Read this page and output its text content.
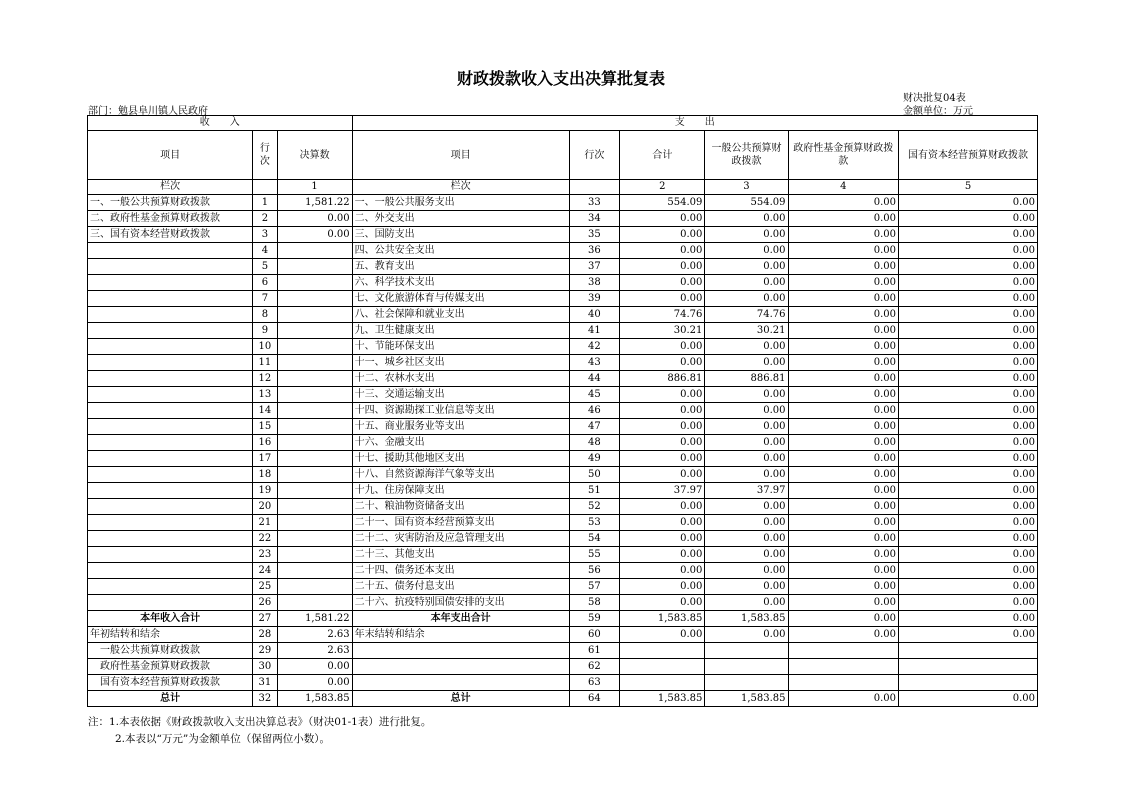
财政拨款收入支出决算批复表
财决批复04表
部门：勉县阜川镇人民政府	金额单位：万元
收　　入			支　　出					
项目	行次	决算数	项目	行次	合计	一般公共预算财政拨款	政府性基金预算财政拨款	国有资本经营预算财政拨款
栏次		1	栏次		2	3	4	5
一、一般公共预算财政拨款	1	1,581.22	一、一般公共服务支出	33	554.09	554.09	0.00	0.00
二、政府性基金预算财政拨款	2	0.00	二、外交支出	34	0.00	0.00	0.00	0.00
三、国有资本经营财政拨款	3	0.00	三、国防支出	35	0.00	0.00	0.00	0.00
	4		四、公共安全支出	36	0.00	0.00	0.00	0.00
	5		五、教育支出	37	0.00	0.00	0.00	0.00
	6		六、科学技术支出	38	0.00	0.00	0.00	0.00
	7		七、文化旅游体育与传媒支出	39	0.00	0.00	0.00	0.00
	8		八、社会保障和就业支出	40	74.76	74.76	0.00	0.00
	9		九、卫生健康支出	41	30.21	30.21	0.00	0.00
	10		十、节能环保支出	42	0.00	0.00	0.00	0.00
	11		十一、城乡社区支出	43	0.00	0.00	0.00	0.00
	12		十二、农林水支出	44	886.81	886.81	0.00	0.00
	13		十三、交通运输支出	45	0.00	0.00	0.00	0.00
	14		十四、资源勘探工业信息等支出	46	0.00	0.00	0.00	0.00
	15		十五、商业服务业等支出	47	0.00	0.00	0.00	0.00
	16		十六、金融支出	48	0.00	0.00	0.00	0.00
	17		十七、援助其他地区支出	49	0.00	0.00	0.00	0.00
	18		十八、自然资源海洋气象等支出	50	0.00	0.00	0.00	0.00
	19		十九、住房保障支出	51	37.97	37.97	0.00	0.00
	20		二十、粮油物资储备支出	52	0.00	0.00	0.00	0.00
	21		二十一、国有资本经营预算支出	53	0.00	0.00	0.00	0.00
	22		二十二、灾害防治及应急管理支出	54	0.00	0.00	0.00	0.00
	23		二十三、其他支出	55	0.00	0.00	0.00	0.00
	24		二十四、债务还本支出	56	0.00	0.00	0.00	0.00
	25		二十五、债务付息支出	57	0.00	0.00	0.00	0.00
	26		二十六、抗疫特别国债安排的支出	58	0.00	0.00	0.00	0.00
本年收入合计	27	1,581.22	本年支出合计	59	1,583.85	1,583.85	0.00	0.00
年初结转和结余	28	2.63	年末结转和结余	60	0.00	0.00	0.00	0.00
一般公共预算财政拨款	29	2.63		61				
政府性基金预算财政拨款	30	0.00		62				
国有资本经营预算财政拨款	31	0.00		63				
总计	32	1,583.85	总计	64	1,583.85	1,583.85	0.00	0.00
注：1.本表依据《财政拨款收入支出决算总表》（财决01-1表）进行批复。
2.本表以“万元”为金额单位（保留两位小数）。
